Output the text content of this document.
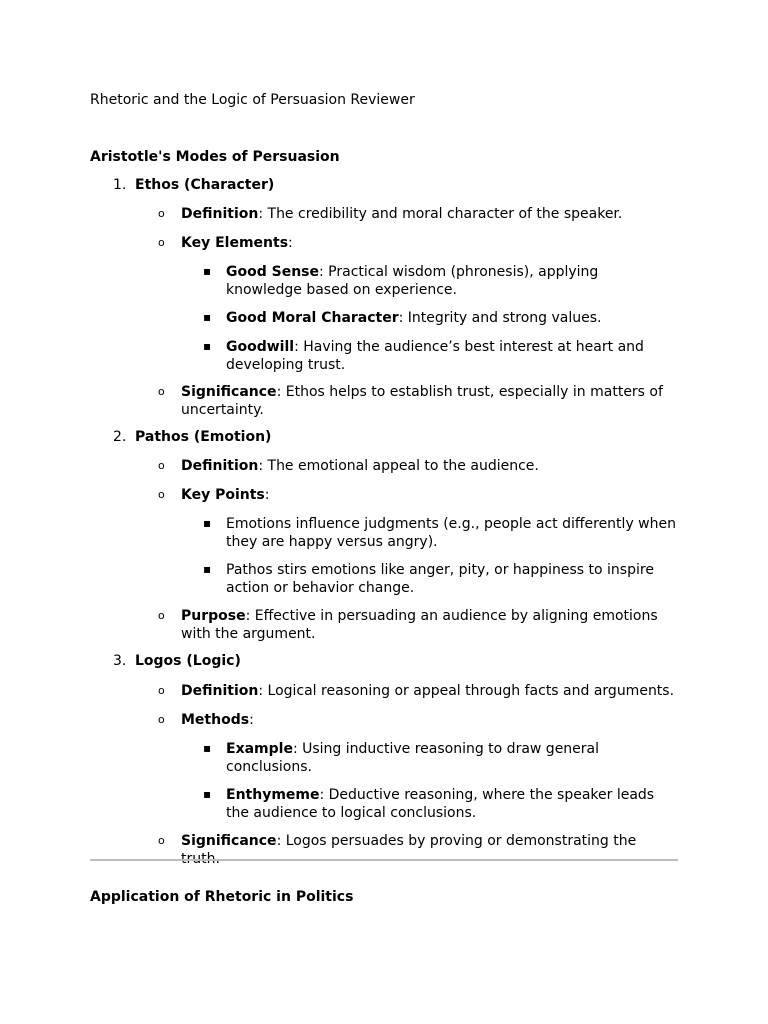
Rhetoric and the Logic of Persuasion Reviewer
Aristotle's Modes of Persuasion
1. Ethos (Character)
o Definition: The credibility and moral character of the speaker.
o Key Elements:
▪ Good Sense: Practical wisdom (phronesis), applying knowledge based on experience.
▪ Good Moral Character: Integrity and strong values.
▪ Goodwill: Having the audience’s best interest at heart and developing trust.
o Significance: Ethos helps to establish trust, especially in matters of uncertainty.
2. Pathos (Emotion)
o Definition: The emotional appeal to the audience.
o Key Points:
▪ Emotions influence judgments (e.g., people act differently when they are happy versus angry).
▪ Pathos stirs emotions like anger, pity, or happiness to inspire action or behavior change.
o Purpose: Effective in persuading an audience by aligning emotions with the argument.
3. Logos (Logic)
o Definition: Logical reasoning or appeal through facts and arguments.
o Methods:
▪ Example: Using inductive reasoning to draw general conclusions.
▪ Enthymeme: Deductive reasoning, where the speaker leads the audience to logical conclusions.
o Significance: Logos persuades by proving or demonstrating the truth.
Application of Rhetoric in Politics
